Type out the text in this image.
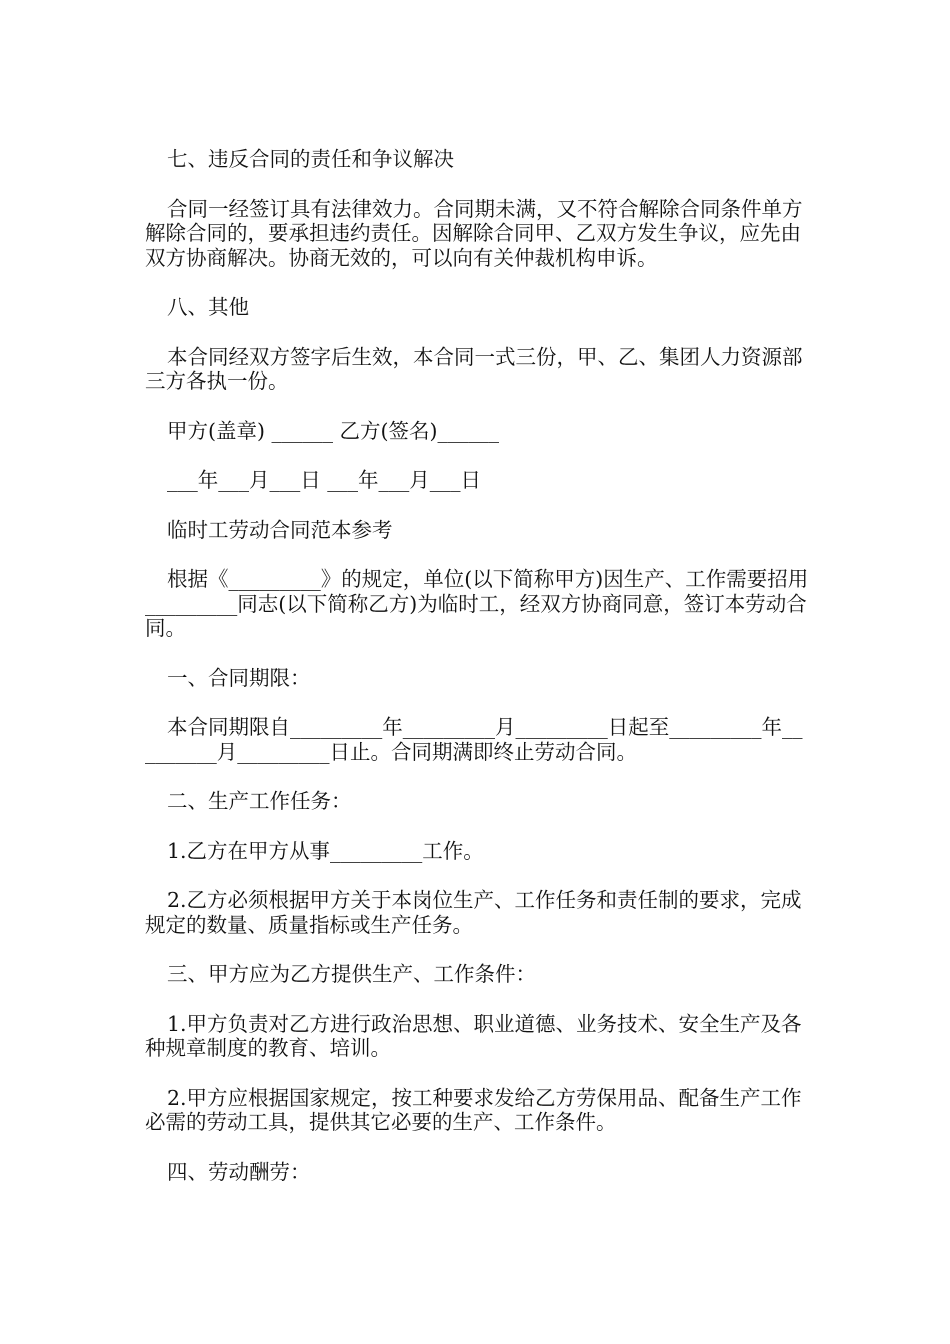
七、违反合同的责任和争议解决

合同一经签订具有法律效力。合同期未满，又不符合解除合同条件单方解除合同的，要承担违约责任。因解除合同甲、乙双方发生争议，应先由双方协商解决。协商无效的，可以向有关仲裁机构申诉。

八、其他

本合同经双方签字后生效，本合同一式三份，甲、乙、集团人力资源部三方各执一份。

甲方(盖章) ______ 乙方(签名)______

___年___月___日 ___年___月___日

临时工劳动合同范本参考

根据《_________》的规定，单位(以下简称甲方)因生产、工作需要招用_________同志(以下简称乙方)为临时工，经双方协商同意，签订本劳动合同。

一、合同期限：

本合同期限自_________年_________月_________日起至_________年_________月_________日止。合同期满即终止劳动合同。

二、生产工作任务：

1.乙方在甲方从事_________工作。

2.乙方必须根据甲方关于本岗位生产、工作任务和责任制的要求，完成规定的数量、质量指标或生产任务。

三、甲方应为乙方提供生产、工作条件：

1.甲方负责对乙方进行政治思想、职业道德、业务技术、安全生产及各种规章制度的教育、培训。

2.甲方应根据国家规定，按工种要求发给乙方劳保用品、配备生产工作必需的劳动工具，提供其它必要的生产、工作条件。

四、劳动酬劳：
